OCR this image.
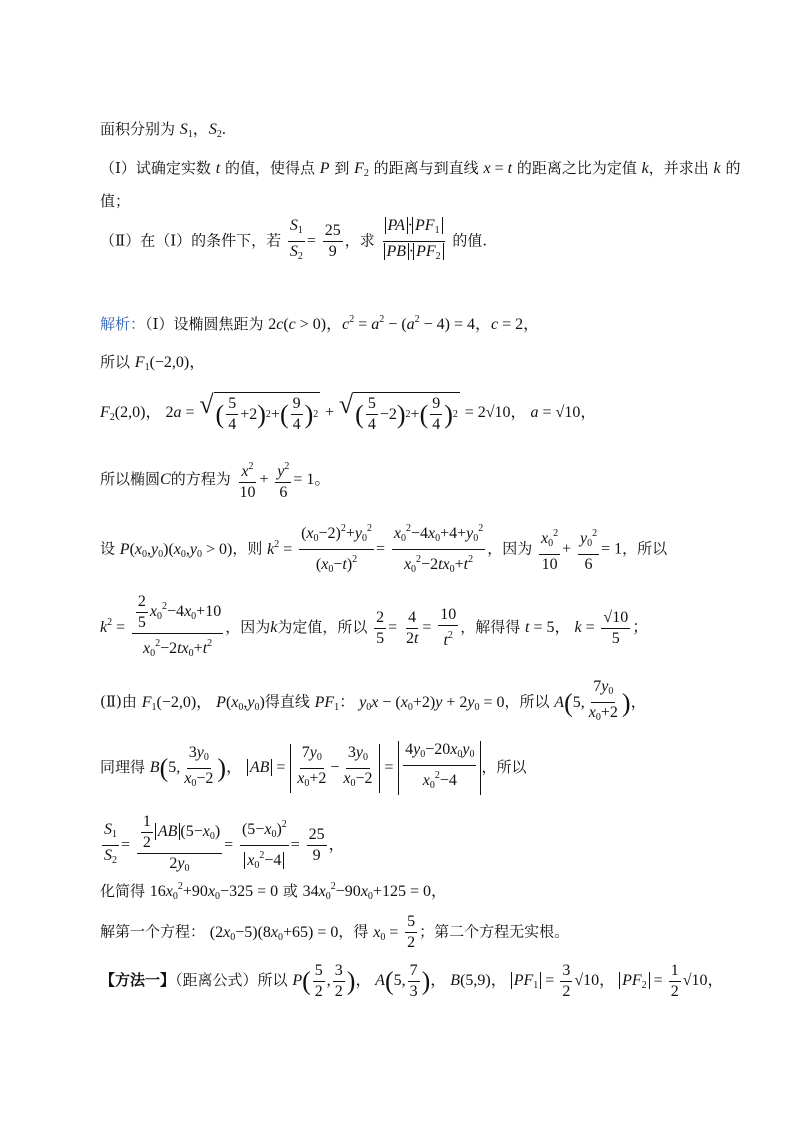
面积分别为 $S_1$，$S_2$.
（Ⅰ）试确定实数 t 的值，使得点 P 到 $F_2$ 的距离与到直线 x = t 的距离之比为定值 k，并求出 k 的
值；
（Ⅱ）在（Ⅰ）的条件下，若 $\frac{S_1}{S_2} = \frac{25}{9}$ ，求 $\frac{PA \cdot PF_1}{PB \cdot PF_2}$ 的值.
解析：（Ⅰ）设椭圆焦距为 2c(c > 0)，$c^2 = a^2 - (a^2 - 4) = 4$，c = 2，
所以 $F_1(-2,0)$，
$F_2(2,0)$， 2a = √ ( $\frac{5}{4} +2$ ) 2 + ( $\frac{9}{4}$ ) 2 + √ ( $\frac{5}{4} -2$ ) 2 + ( $\frac{9}{4}$ ) 2 = 2√10， a = √10，
所以椭圆C的方程为 $\frac{x^2}{10} + \frac{y^2}{6} = 1$。
设 $P(x_0,y_0)(x_0,y_0 > 0)$，则 $k^2 = \frac{(x_0-2)^2+y_0^2}{(x_0-t)^2} = \frac{x_0^2-4x_0+4+y_0^2}{x_0^2-2tx_0+t^2}$ ，因为 $\frac{x_0^2}{10} + \frac{y_0^2}{6} = 1$，所以
$k^2 = \frac{\frac{2}{5} x_0^2-4x_0+10}{x_0^2-2tx_0+t^2}$ ，因为k为定值，所以 $\frac{2}{5} = \frac{4}{2t} = \frac{10}{t^2}$ ，解得得 t = 5， $k = \frac{√10}{5}$ ；
(Ⅱ)由 $F_1(-2,0)$， $P(x_0,y_0)$得直线 $PF_1$： $y_0x - (x_0+2)y + 2y_0 = 0$，所以 A(5, $\frac{7y_0}{x_0+2}$ )，
同理得 B(5, $\frac{3y_0}{x_0-2}$ )， AB = $\frac{7y_0}{x_0+2} - \frac{3y_0}{x_0-2} = \frac{4y_0-20x_0y_0}{x_0^2-4}$ ，所以
$\frac{S_1}{S_2} = \frac{\frac{1}{2} AB (5-x_0)}{2y_0} = \frac{(5-x_0)^2}{x_0^2-4} = \frac{25}{9}$ ，
化简得 $16x_0^2+90x_0-325 = 0$ 或 $34x_0^2-90x_0+125 = 0$，
解第一个方程： $(2x_0-5)(8x_0+65) = 0$，得 $x_0 = \frac{5}{2}$ ；第二个方程无实根。
【方法一】（距离公式）所以 $P( \frac{5}{2}$ , $\frac{3}{2}$ )， A(5, $\frac{7}{3}$ )， B(5,9)， $PF_1 = \frac{3}{2} √10$， $PF_2 = \frac{1}{2} √10$，
